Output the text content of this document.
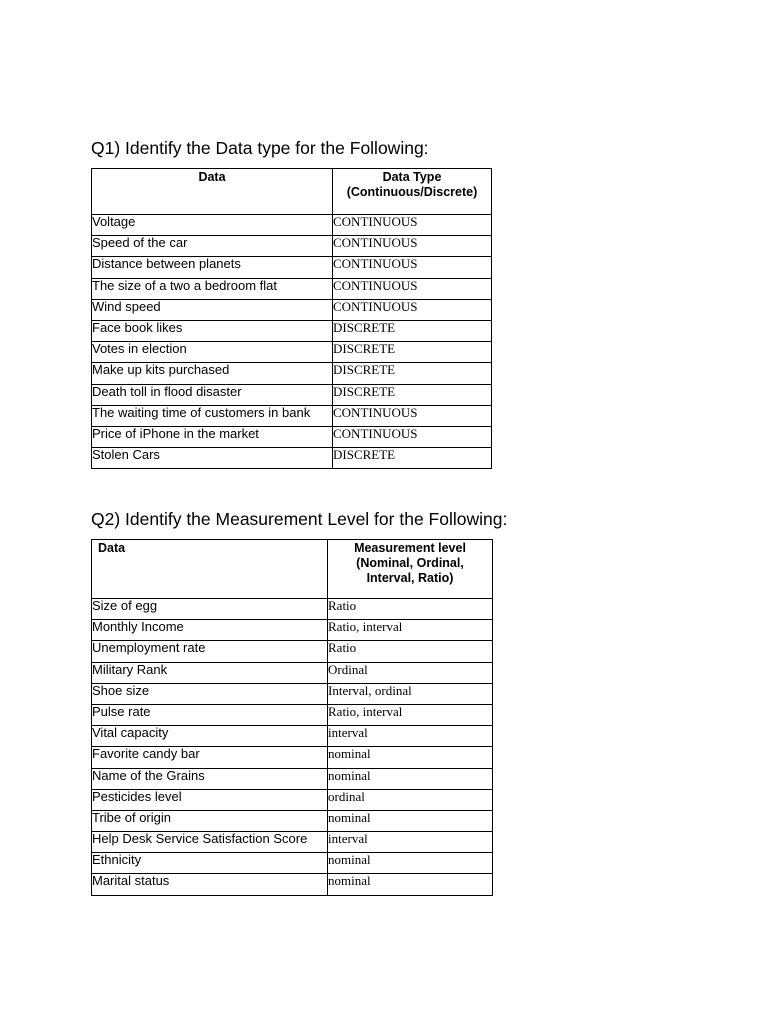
Q1) Identify the Data type for the Following:
Data	Data Type (Continuous/Discrete)
Voltage	CONTINUOUS
Speed of the car	CONTINUOUS
Distance between planets	CONTINUOUS
The size of a two a bedroom flat	CONTINUOUS
Wind speed	CONTINUOUS
Face book likes	DISCRETE
Votes in election	DISCRETE
Make up kits purchased	DISCRETE
Death toll in flood disaster	DISCRETE
The waiting time of customers in bank	CONTINUOUS
Price of iPhone in the market	CONTINUOUS
Stolen Cars	DISCRETE
Q2) Identify the Measurement Level for the Following:
Data	Measurement level (Nominal, Ordinal, Interval, Ratio)
Size of egg	Ratio
Monthly Income	Ratio, interval
Unemployment rate	Ratio
Military Rank	Ordinal
Shoe size	Interval, ordinal
Pulse rate	Ratio, interval
Vital capacity	interval
Favorite candy bar	nominal
Name of the Grains	nominal
Pesticides level	ordinal
Tribe of origin	nominal
Help Desk Service Satisfaction Score	interval
Ethnicity	nominal
Marital status	nominal
